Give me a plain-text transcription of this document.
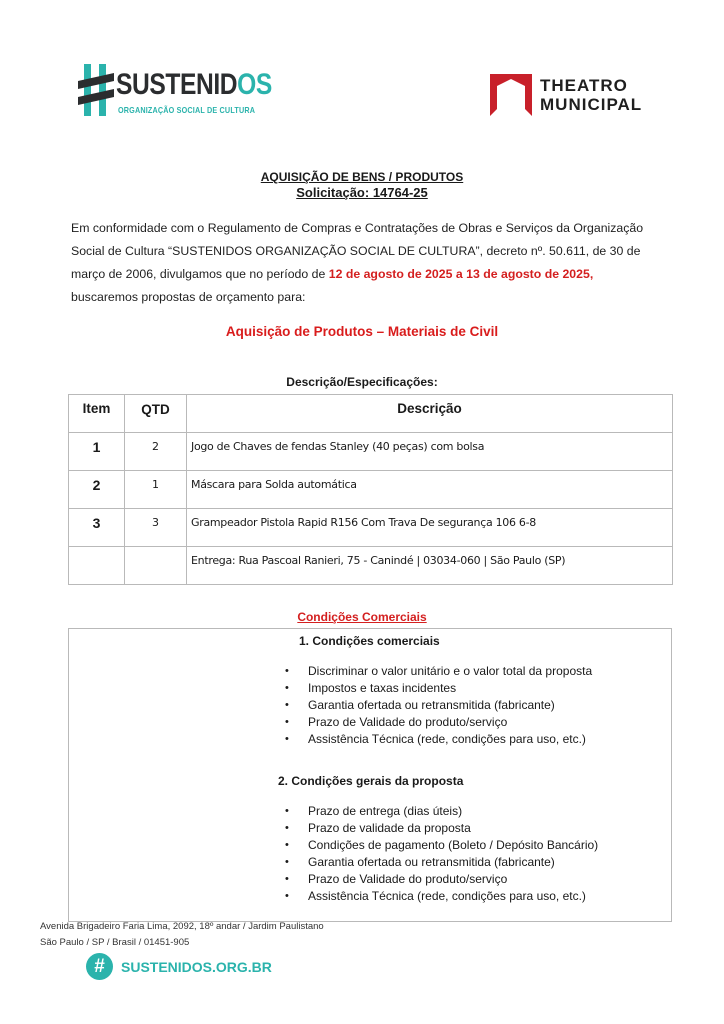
SUSTENIDOS
ORGANIZAÇÃO SOCIAL DE CULTURA
THEATRO
MUNICIPAL
AQUISIÇÃO DE BENS / PRODUTOS
Solicitação: 14764-25
Em conformidade com o Regulamento de Compras e Contratações de Obras e Serviços da Organização Social de Cultura “SUSTENIDOS ORGANIZAÇÃO SOCIAL DE CULTURA”, decreto nº. 50.611, de 30 de março de 2006, divulgamos que no período de 12 de agosto de 2025 a 13 de agosto de 2025, buscaremos propostas de orçamento para:
Aquisição de Produtos – Materiais de Civil
Descrição/Especificações:
Item	QTD	Descrição
1	2	Jogo de Chaves de fendas Stanley (40 peças) com bolsa
2	1	Máscara para Solda automática
3	3	Grampeador Pistola Rapid R156 Com Trava De segurança 106 6-8
		Entrega: Rua Pascoal Ranieri, 75 - Canindé | 03034-060 | São Paulo (SP)
Condições Comerciais
1. Condições comerciais
• Discriminar o valor unitário e o valor total da proposta
• Impostos e taxas incidentes
• Garantia ofertada ou retransmitida (fabricante)
• Prazo de Validade do produto/serviço
• Assistência Técnica (rede, condições para uso, etc.)
2. Condições gerais da proposta
• Prazo de entrega (dias úteis)
• Prazo de validade da proposta
• Condições de pagamento (Boleto / Depósito Bancário)
• Garantia ofertada ou retransmitida (fabricante)
• Prazo de Validade do produto/serviço
• Assistência Técnica (rede, condições para uso, etc.)
Avenida Brigadeiro Faria Lima, 2092, 18º andar / Jardim Paulistano
São Paulo / SP / Brasil / 01451-905
#	SUSTENIDOS.ORG.BR
